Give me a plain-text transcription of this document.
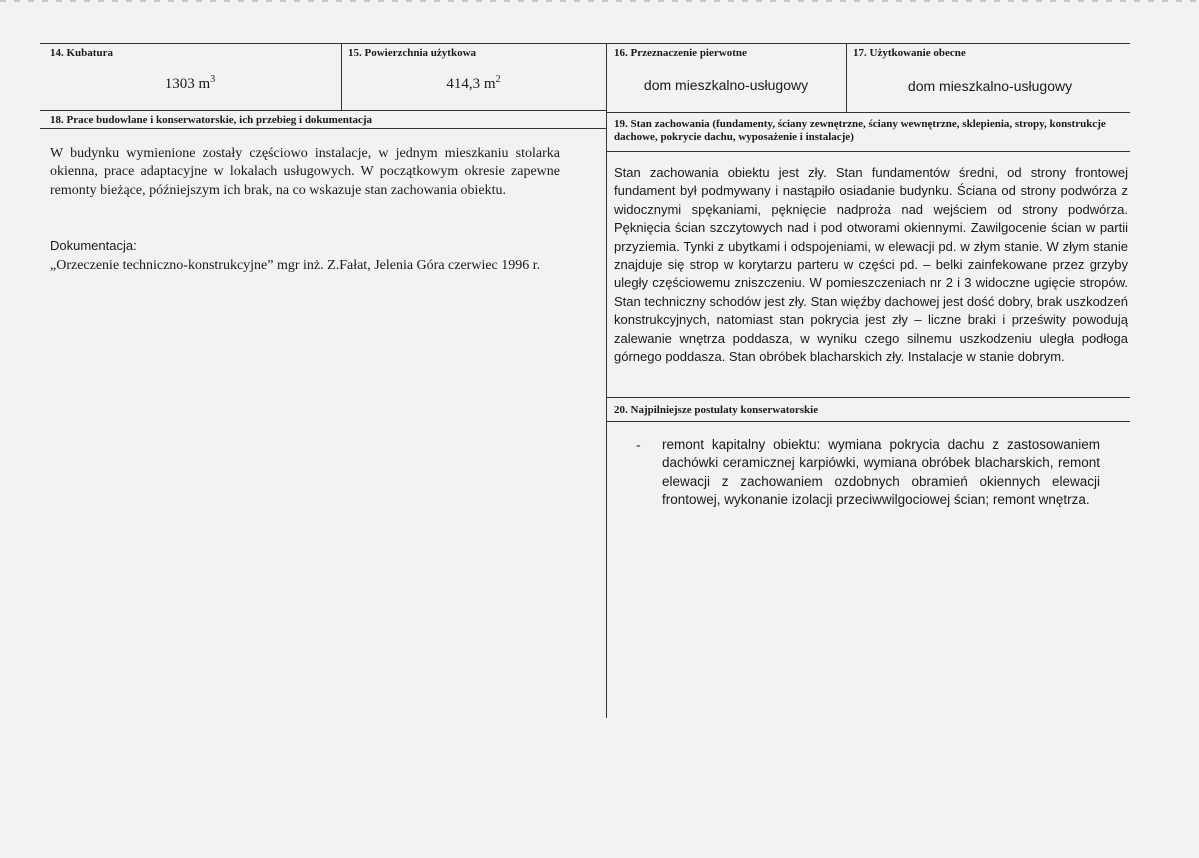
14. Kubatura
1303 $m^3$
15. Powierzchnia użytkowa
414,3 $m^2$
16. Przeznaczenie pierwotne
dom mieszkalno-usługowy
17. Użytkowanie obecne
dom mieszkalno-usługowy
18. Prace budowlane i konserwatorskie, ich przebieg i dokumentacja
W budynku wymienione zostały częściowo instalacje, w jednym mieszkaniu stolarka okienna, prace adaptacyjne w lokalach usługowych. W początkowym okresie zapewne remonty bieżące, późniejszym ich brak, na co wskazuje stan zachowania obiektu.
Dokumentacja:
„Orzeczenie techniczno-konstrukcyjne” mgr inż. Z.Fałat, Jelenia Góra czerwiec 1996 r.
19. Stan zachowania (fundamenty, ściany zewnętrzne, ściany wewnętrzne, sklepienia, stropy, konstrukcje dachowe, pokrycie dachu, wyposażenie i instalacje)
Stan zachowania obiektu jest zły. Stan fundamentów średni, od strony frontowej fundament był podmywany i nastąpiło osiadanie budynku. Ściana od strony podwórza z widocznymi spękaniami, pęknięcie nadproża nad wejściem od strony podwórza. Pęknięcia ścian szczytowych nad i pod otworami okiennymi. Zawilgocenie ścian w partii przyziemia. Tynki z ubytkami i odspojeniami, w elewacji pd. w złym stanie. W złym stanie znajduje się strop w korytarzu parteru w części pd. – belki zainfekowane przez grzyby uległy częściowemu zniszczeniu. W pomieszczeniach nr 2 i 3 widoczne ugięcie stropów. Stan techniczny schodów jest zły. Stan więźby dachowej jest dość dobry, brak uszkodzeń konstrukcyjnych, natomiast stan pokrycia jest zły – liczne braki i prześwity powodują zalewanie wnętrza poddasza, w wyniku czego silnemu uszkodzeniu uległa podłoga górnego poddasza. Stan obróbek blacharskich zły. Instalacje w stanie dobrym.
20. Najpilniejsze postulaty konserwatorskie
- remont kapitalny obiektu: wymiana pokrycia dachu z zastosowaniem dachówki ceramicznej karpiówki, wymiana obróbek blacharskich, remont elewacji z zachowaniem ozdobnych obramień okiennych elewacji frontowej, wykonanie izolacji przeciwwilgociowej ścian; remont wnętrza.
